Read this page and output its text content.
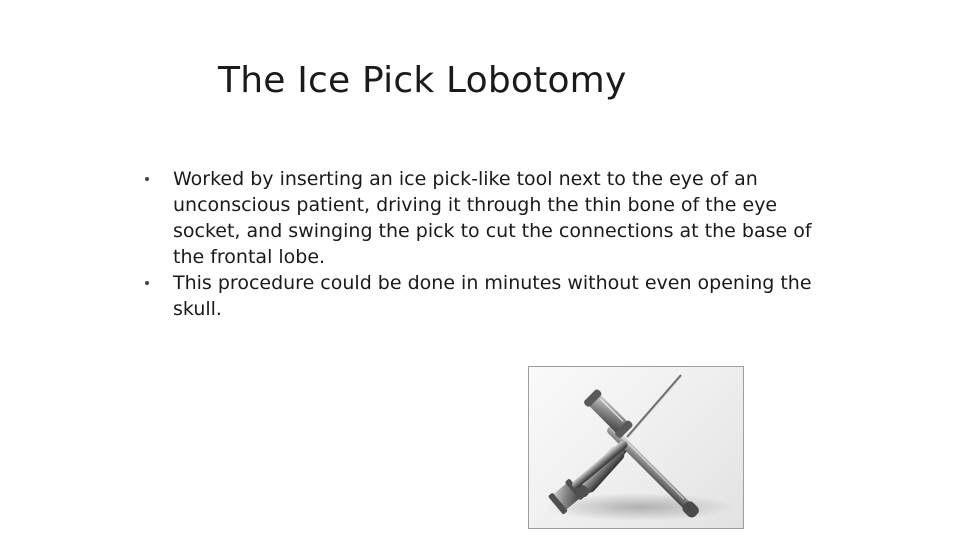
The Ice Pick Lobotomy
Worked by inserting an ice pick-like tool next to the eye of an unconscious patient, driving it through the thin bone of the eye socket, and swinging the pick to cut the connections at the base of the frontal lobe.
This procedure could be done in minutes without even opening the skull.
